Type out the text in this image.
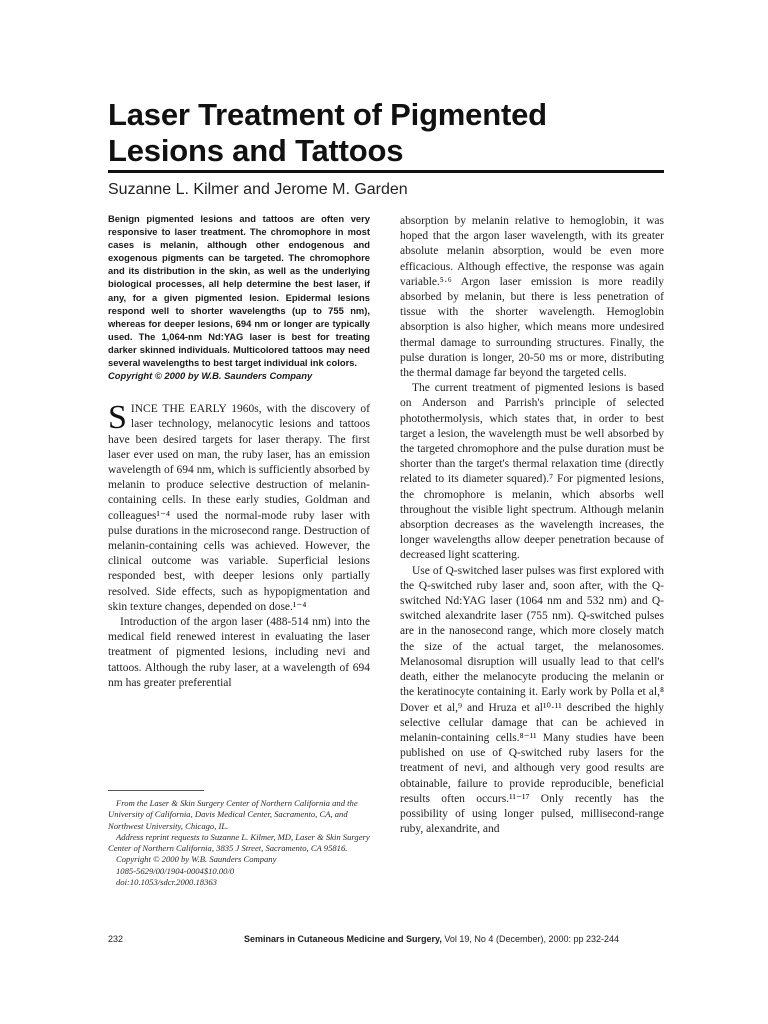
Laser Treatment of Pigmented Lesions and Tattoos

Suzanne L. Kilmer and Jerome M. Garden

Benign pigmented lesions and tattoos are often very responsive to laser treatment. The chromophore in most cases is melanin, although other endogenous and exogenous pigments can be targeted. The chromophore and its distribution in the skin, as well as the underlying biological processes, all help determine the best laser, if any, for a given pigmented lesion. Epidermal lesions respond well to shorter wavelengths (up to 755 nm), whereas for deeper lesions, 694 nm or longer are typically used. The 1,064-nm Nd:YAG laser is best for treating darker skinned individuals. Multicolored tattoos may need several wavelengths to best target individual ink colors.
Copyright © 2000 by W.B. Saunders Company

S INCE THE EARLY 1960s, with the discovery of laser technology, melanocytic lesions and tattoos have been desired targets for laser therapy. The first laser ever used on man, the ruby laser, has an emission wavelength of 694 nm, which is sufficiently absorbed by melanin to produce selective destruction of melanin-containing cells. In these early studies, Goldman and colleagues¹⁻⁴ used the normal-mode ruby laser with pulse durations in the microsecond range. Destruction of melanin-containing cells was achieved. However, the clinical outcome was variable. Superficial lesions responded best, with deeper lesions only partially resolved. Side effects, such as hypopigmentation and skin texture changes, depended on dose.¹⁻⁴

Introduction of the argon laser (488-514 nm) into the medical field renewed interest in evaluating the laser treatment of pigmented lesions, including nevi and tattoos. Although the ruby laser, at a wavelength of 694 nm has greater preferential

From the Laser & Skin Surgery Center of Northern California and the University of California, Davis Medical Center, Sacramento, CA, and Northwest University, Chicago, IL.
Address reprint requests to Suzanne L. Kilmer, MD, Laser & Skin Surgery Center of Northern California, 3835 J Street, Sacramento, CA 95816.
Copyright © 2000 by W.B. Saunders Company
1085-5629/00/1904-0004$10.00/0
doi:10.1053/sdcr.2000.18363

absorption by melanin relative to hemoglobin, it was hoped that the argon laser wavelength, with its greater absolute melanin absorption, would be even more efficacious. Although effective, the response was again variable.⁵·⁶ Argon laser emission is more readily absorbed by melanin, but there is less penetration of tissue with the shorter wavelength. Hemoglobin absorption is also higher, which means more undesired thermal damage to surrounding structures. Finally, the pulse duration is longer, 20-50 ms or more, distributing the thermal damage far beyond the targeted cells.

The current treatment of pigmented lesions is based on Anderson and Parrish's principle of selected photothermolysis, which states that, in order to best target a lesion, the wavelength must be well absorbed by the targeted chromophore and the pulse duration must be shorter than the target's thermal relaxation time (directly related to its diameter squared).⁷ For pigmented lesions, the chromophore is melanin, which absorbs well throughout the visible light spectrum. Although melanin absorption decreases as the wavelength increases, the longer wavelengths allow deeper penetration because of decreased light scattering.

Use of Q-switched laser pulses was first explored with the Q-switched ruby laser and, soon after, with the Q-switched Nd:YAG laser (1064 nm and 532 nm) and Q-switched alexandrite laser (755 nm). Q-switched pulses are in the nanosecond range, which more closely match the size of the actual target, the melanosomes. Melanosomal disruption will usually lead to that cell's death, either the melanocyte producing the melanin or the keratinocyte containing it. Early work by Polla et al,⁸ Dover et al,⁹ and Hruza et al¹⁰·¹¹ described the highly selective cellular damage that can be achieved in melanin-containing cells.⁸⁻¹¹ Many studies have been published on use of Q-switched ruby lasers for the treatment of nevi, and although very good results are obtainable, failure to provide reproducible, beneficial results often occurs.¹¹⁻¹⁷ Only recently has the possibility of using longer pulsed, millisecond-range ruby, alexandrite, and

232	Seminars in Cutaneous Medicine and Surgery, Vol 19, No 4 (December), 2000: pp 232-244
